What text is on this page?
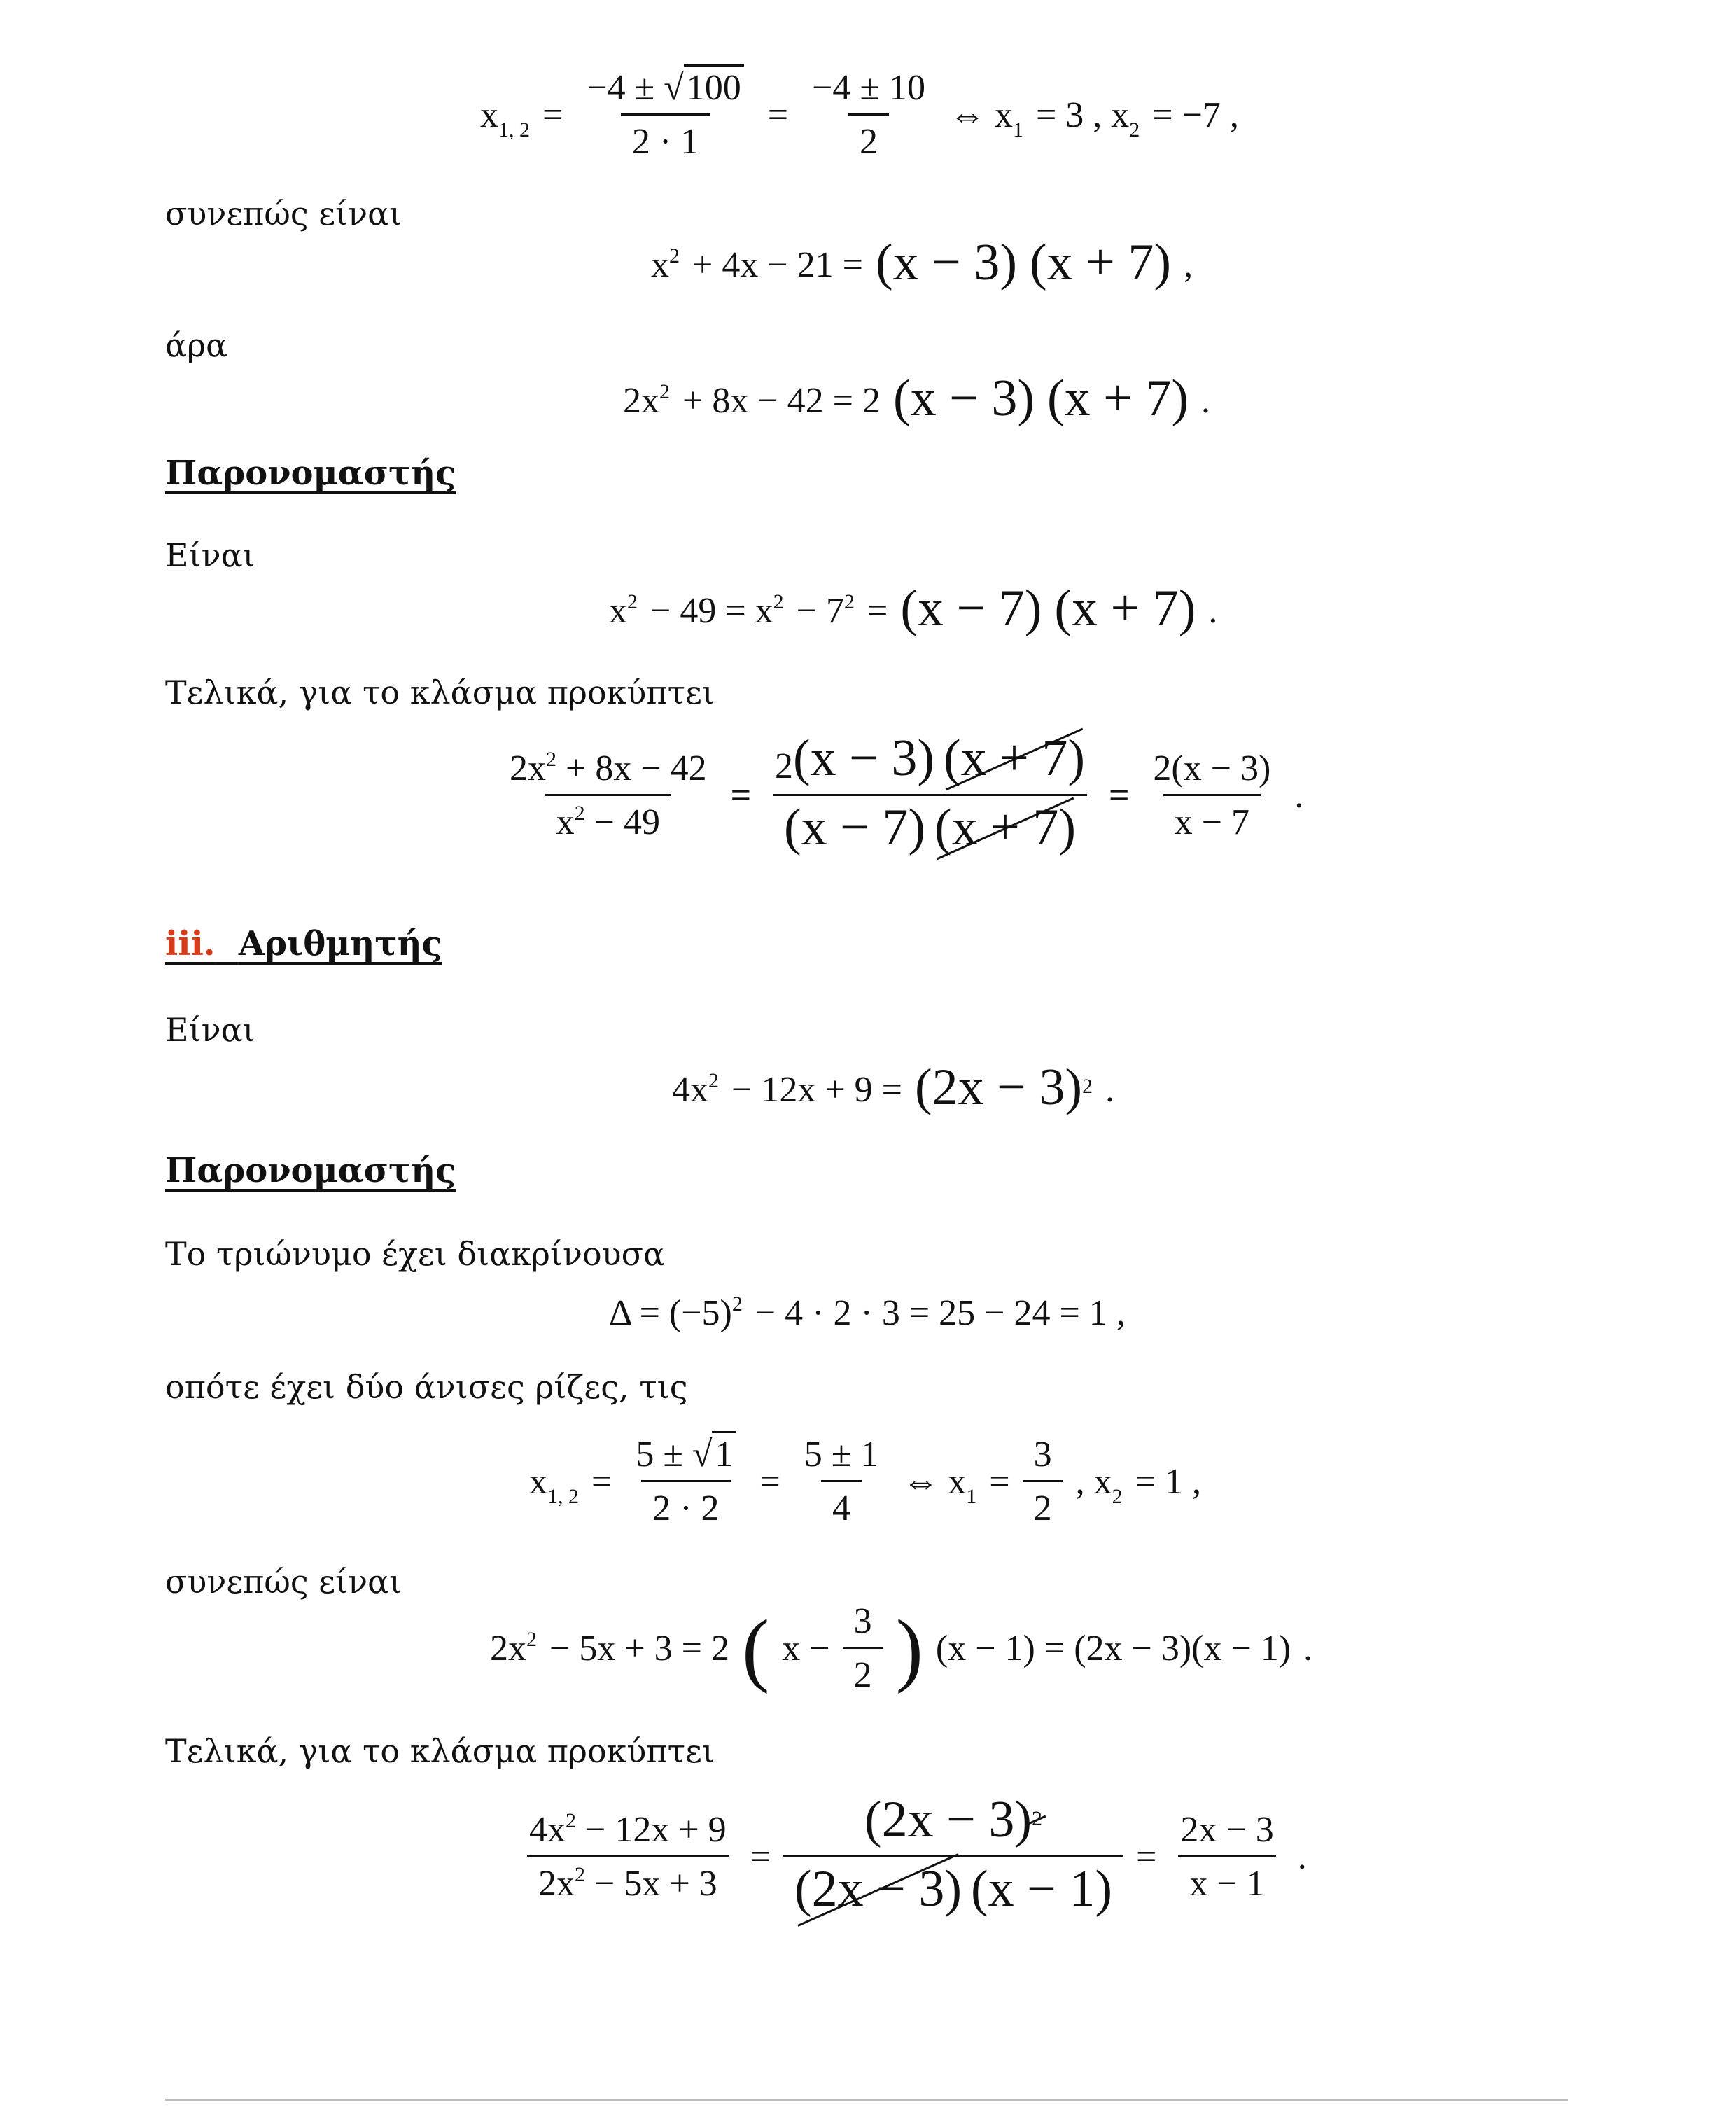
$x_{1, 2} = \frac{-4 \pm √100}{2 \cdot 1} = \frac{-4 \pm 10}{2}$ ⇔ $x_1 = 3$ , $x_2 = -7$ ,
συνεπώς είναι
$x^2 + 4x - 21 = (x - 3) (x + 7)$ ,
άρα
$2x^2 + 8x - 42 = 2$ (x − 3) (x + 7) .
Παρονομαστής
Είναι
$x^2 - 49 = x^2 - 7^2 = (x - 7) (x + 7)$ .
Τελικά, για το κλάσμα προκύπτει
$\frac{2x^2 + 8x - 42}{x^2 - 49} = \frac{2(x - 3) (x + 7)}{(x - 7) (x + 7)} = \frac{2(x - 3)}{x - 7}$ .
iii. Αριθμητής
Είναι
$4x^2 - 12x + 9 = (2x - 3)^2$ .
Παρονομαστής
Το τριώνυμο έχει διακρίνουσα
$\Delta = (-5)^2 - 4 \cdot 2 \cdot 3 = 25 - 24 = 1$ ,
οπότε έχει δύο άνισες ρίζες, τις
$x_{1, 2} = \frac{5 \pm √1}{2 \cdot 2} = \frac{5 \pm 1}{4}$ ⇔ $x_1 = \frac{3}{2}$ , $x_2 = 1$ ,
συνεπώς είναι
$2x^2 - 5x + 3 = 2$ ( $x - \frac{3}{2}$ ) (x − 1) = (2x − 3)(x − 1) .
Τελικά, για το κλάσμα προκύπτει
$\frac{4x^2 - 12x + 9}{2x^2 - 5x + 3} = \frac{(2x - 3)2}{(2x - 3) (x - 1)} = \frac{2x - 3}{x - 1}$ .
